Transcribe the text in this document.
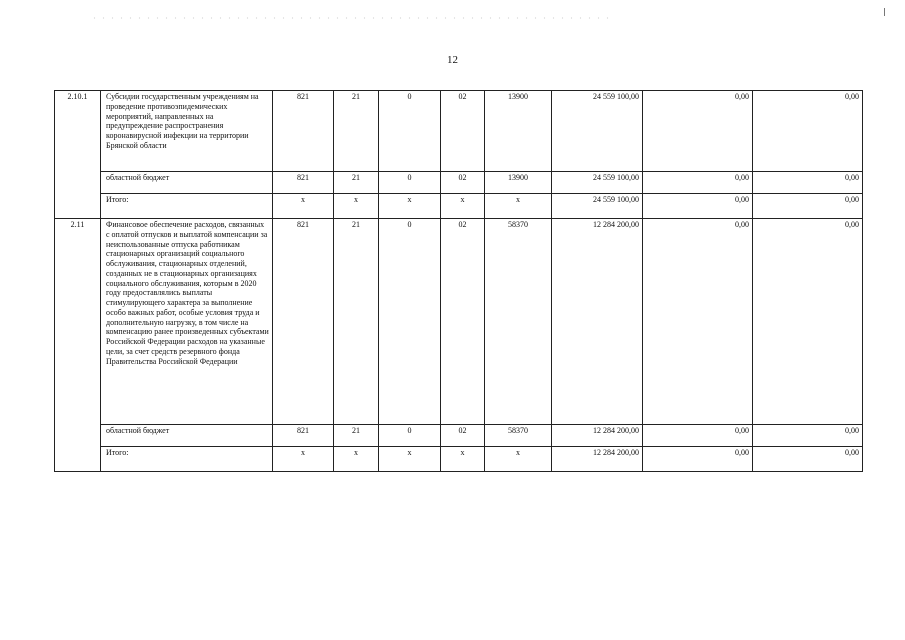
12
2.10.1	Субсидии государственным учреждениям на проведение противоэпидемических мероприятий, направленных на предупреждение распространения коронавирусной инфекции на территории Брянской области	821	21	0	02	13900	24 559 100,00	0,00	0,00
	областной бюджет	821	21	0	02	13900	24 559 100,00	0,00	0,00
	Итого:	x	x	x	x	x	24 559 100,00	0,00	0,00
2.11	Финансовое обеспечение расходов, связанных с оплатой отпусков и выплатой компенсации за неиспользованные отпуска работникам стационарных организаций социального обслуживания, стационарных отделений, созданных не в стационарных организациях социального обслуживания, которым в 2020 году предоставлялись выплаты стимулирующего характера за выполнение особо важных работ, особые условия труда и дополнительную нагрузку, в том числе на компенсацию ранее произведенных субъектами Российской Федерации расходов на указанные цели, за счет средств резервного фонда Правительства Российской Федерации	821	21	0	02	58370	12 284 200,00	0,00	0,00
	областной бюджет	821	21	0	02	58370	12 284 200,00	0,00	0,00
	Итого:	x	x	x	x	x	12 284 200,00	0,00	0,00
